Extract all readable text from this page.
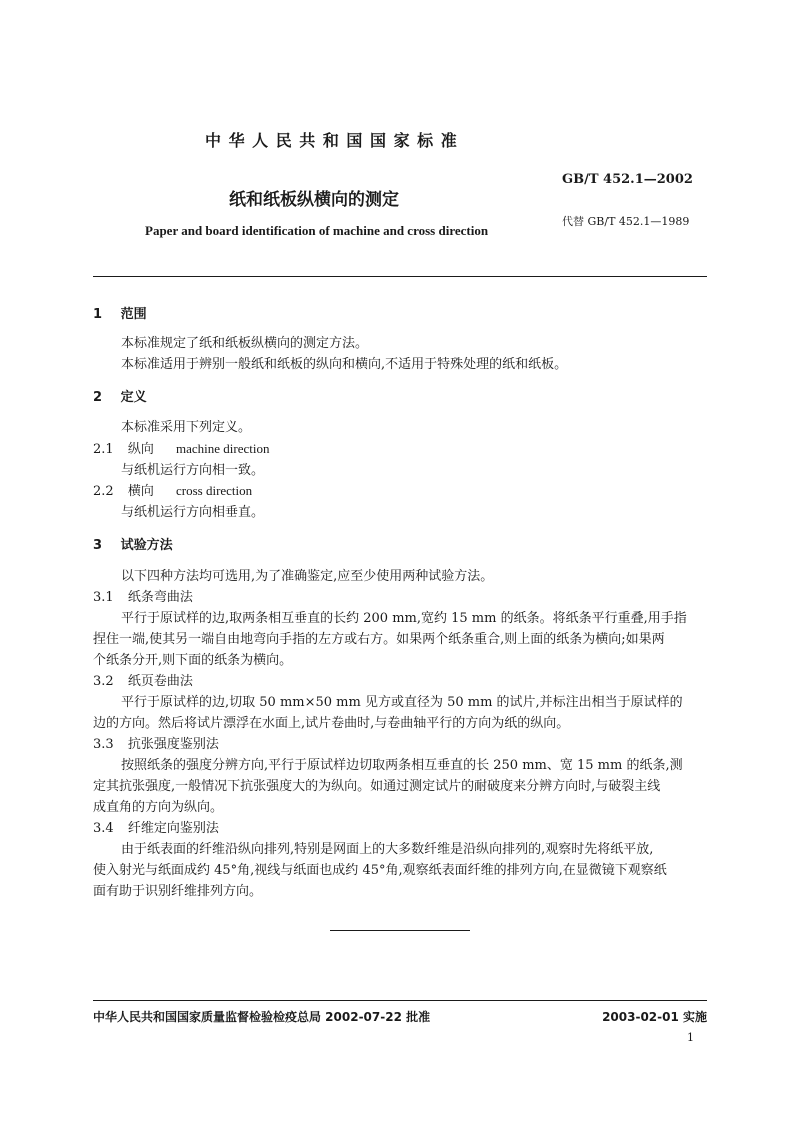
中 华 人 民 共 和 国 国 家 标 准
GB/T 452.1—2002
纸和纸板纵横向的测定
代替 GB/T 452.1—1989
Paper and board identification of machine and cross direction
1 范围
本标准规定了纸和纸板纵横向的测定方法。
本标准适用于辨别一般纸和纸板的纵向和横向,不适用于特殊处理的纸和纸板。
2 定义
本标准采用下列定义。
2.1 纵向 machine direction
与纸机运行方向相一致。
2.2 横向 cross direction
与纸机运行方向相垂直。
3 试验方法
以下四种方法均可选用,为了准确鉴定,应至少使用两种试验方法。
3.1 纸条弯曲法
平行于原试样的边,取两条相互垂直的长约 200 mm,宽约 15 mm 的纸条。将纸条平行重叠,用手指
捏住一端,使其另一端自由地弯向手指的左方或右方。如果两个纸条重合,则上面的纸条为横向;如果两
个纸条分开,则下面的纸条为横向。
3.2 纸页卷曲法
平行于原试样的边,切取 50 mm×50 mm 见方或直径为 50 mm 的试片,并标注出相当于原试样的
边的方向。然后将试片漂浮在水面上,试片卷曲时,与卷曲轴平行的方向为纸的纵向。
3.3 抗张强度鉴别法
按照纸条的强度分辨方向,平行于原试样边切取两条相互垂直的长 250 mm、宽 15 mm 的纸条,测
定其抗张强度,一般情况下抗张强度大的为纵向。如通过测定试片的耐破度来分辨方向时,与破裂主线
成直角的方向为纵向。
3.4 纤维定向鉴别法
由于纸表面的纤维沿纵向排列,特别是网面上的大多数纤维是沿纵向排列的,观察时先将纸平放,
使入射光与纸面成约 45°角,视线与纸面也成约 45°角,观察纸表面纤维的排列方向,在显微镜下观察纸
面有助于识别纤维排列方向。
中华人民共和国国家质量监督检验检疫总局 2002-07-22 批准	2003-02-01 实施
1
